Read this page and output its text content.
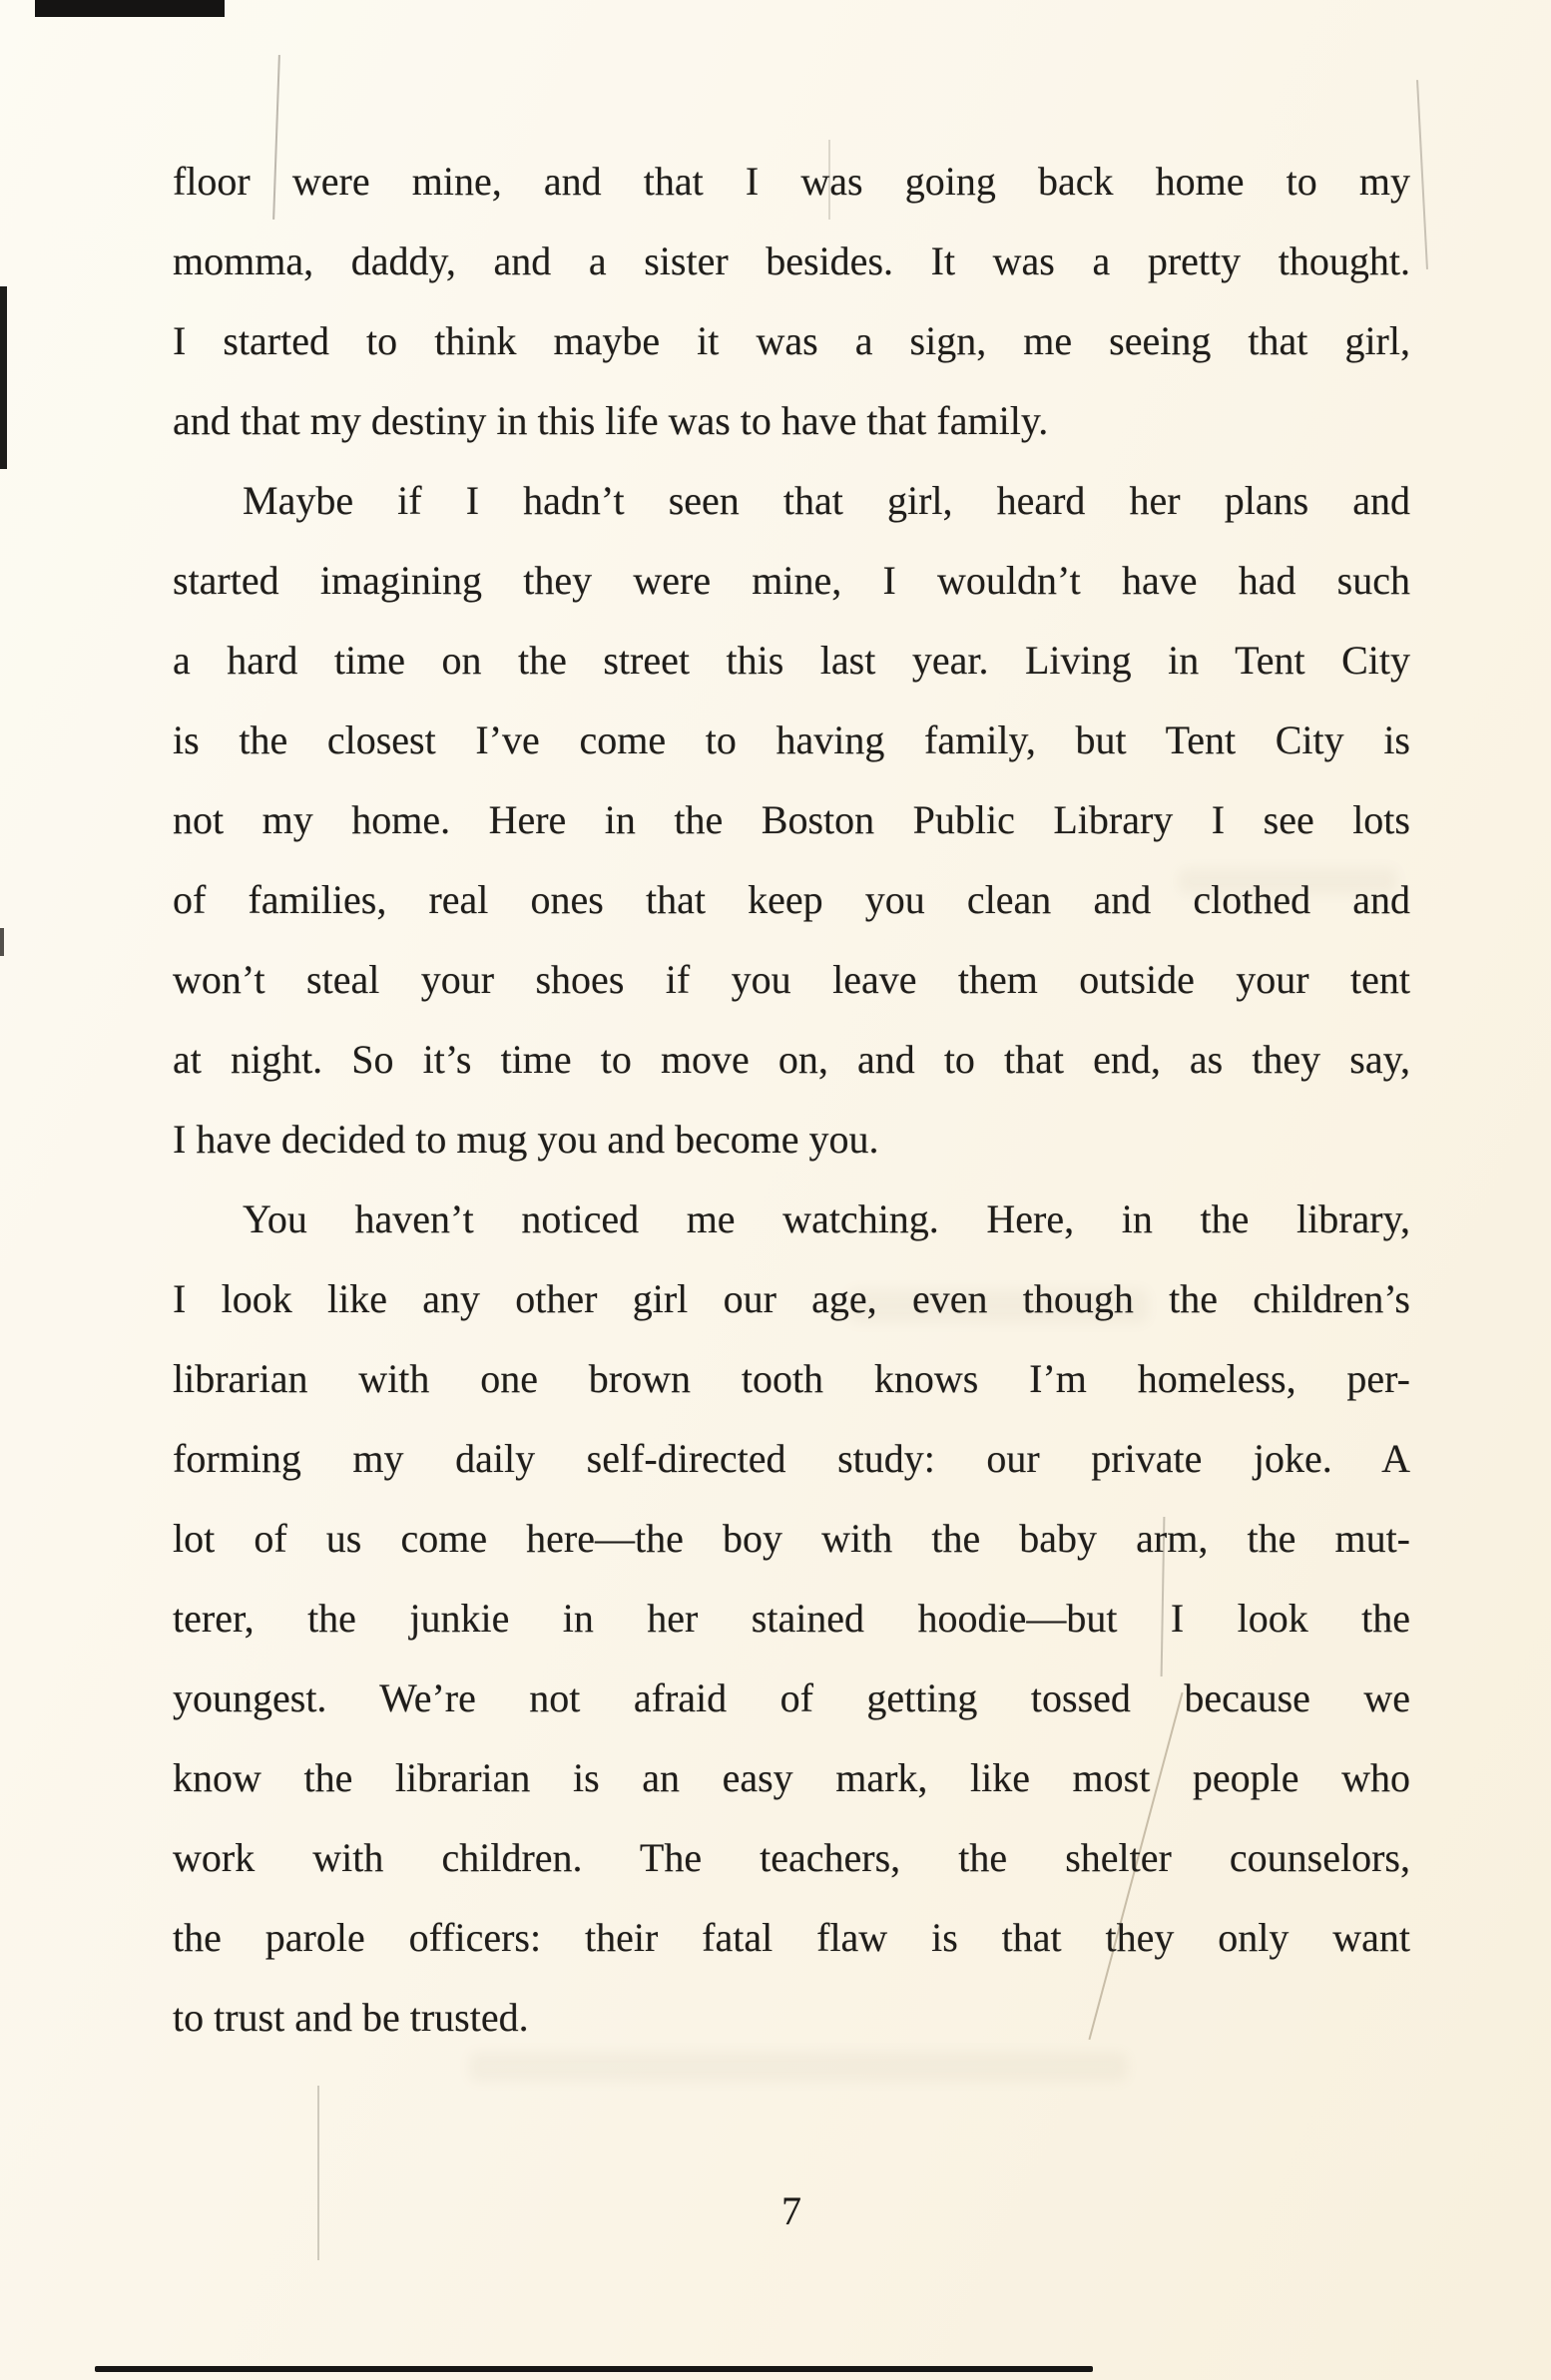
floor were mine, and that I was going back home to my
momma, daddy, and a sister besides. It was a pretty thought.
I started to think maybe it was a sign, me seeing that girl,
and that my destiny in this life was to have that family.
Maybe if I hadn’t seen that girl, heard her plans and
started imagining they were mine, I wouldn’t have had such
a hard time on the street this last year. Living in Tent City
is the closest I’ve come to having family, but Tent City is
not my home. Here in the Boston Public Library I see lots
of families, real ones that keep you clean and clothed and
won’t steal your shoes if you leave them outside your tent
at night. So it’s time to move on, and to that end, as they say,
I have decided to mug you and become you.
You haven’t noticed me watching. Here, in the library,
I look like any other girl our age, even though the children’s
librarian with one brown tooth knows I’m homeless, per-
forming my daily self-directed study: our private joke. A
lot of us come here—the boy with the baby arm, the mut-
terer, the junkie in her stained hoodie—but I look the
youngest. We’re not afraid of getting tossed because we
know the librarian is an easy mark, like most people who
work with children. The teachers, the shelter counselors,
the parole officers: their fatal flaw is that they only want
to trust and be trusted.
7
